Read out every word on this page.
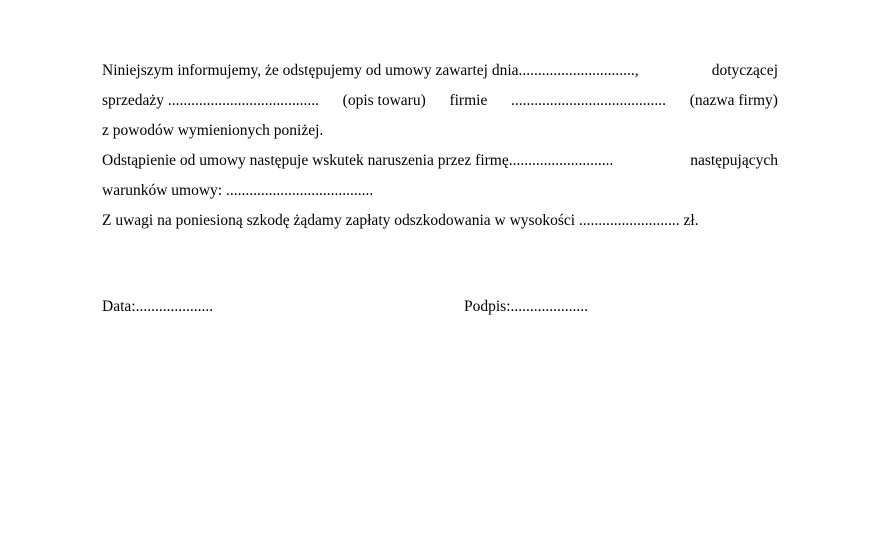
Niniejszym informujemy, że odstępujemy od umowy zawartej dnia..............................,	dotyczącej
sprzedaży ....................................... (opis towaru) firmie ........................................ (nazwa firmy)
z powodów wymienionych poniżej.
Odstąpienie od umowy następuje wskutek naruszenia przez firmę...........................	następujących
warunków umowy: ......................................
Z uwagi na poniesioną szkodę żądamy zapłaty odszkodowania w wysokości .......................... zł.
Data:....................	Podpis:....................
